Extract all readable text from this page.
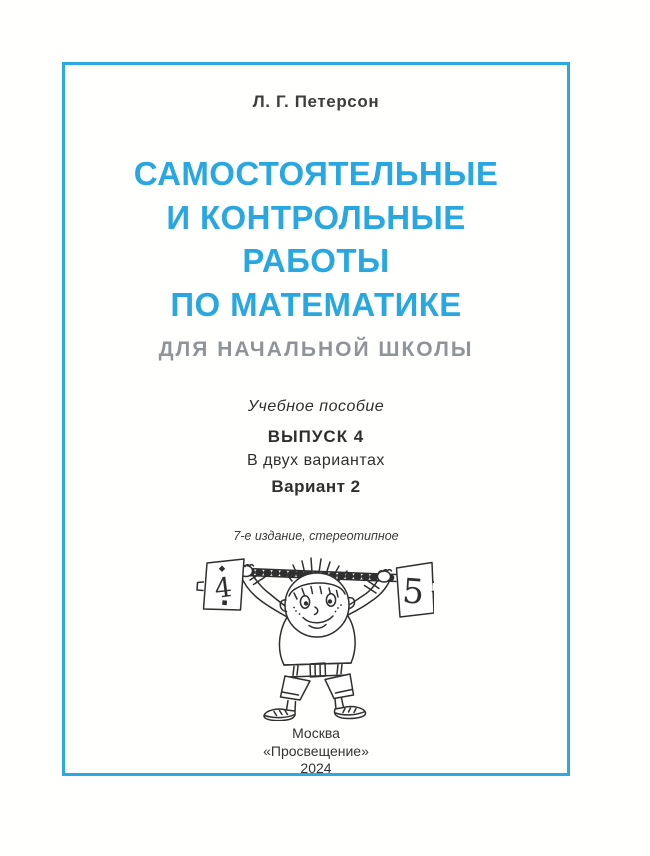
Л. Г. Петерсон
САМОСТОЯТЕЛЬНЫЕ
И КОНТРОЛЬНЫЕ
РАБОТЫ
ПО МАТЕМАТИКЕ
ДЛЯ НАЧАЛЬНОЙ ШКОЛЫ
Учебное пособие
ВЫПУСК 4
В двух вариантах
Вариант 2
7-е издание, стереотипное
4	5
Москва
«Просвещение»
2024
